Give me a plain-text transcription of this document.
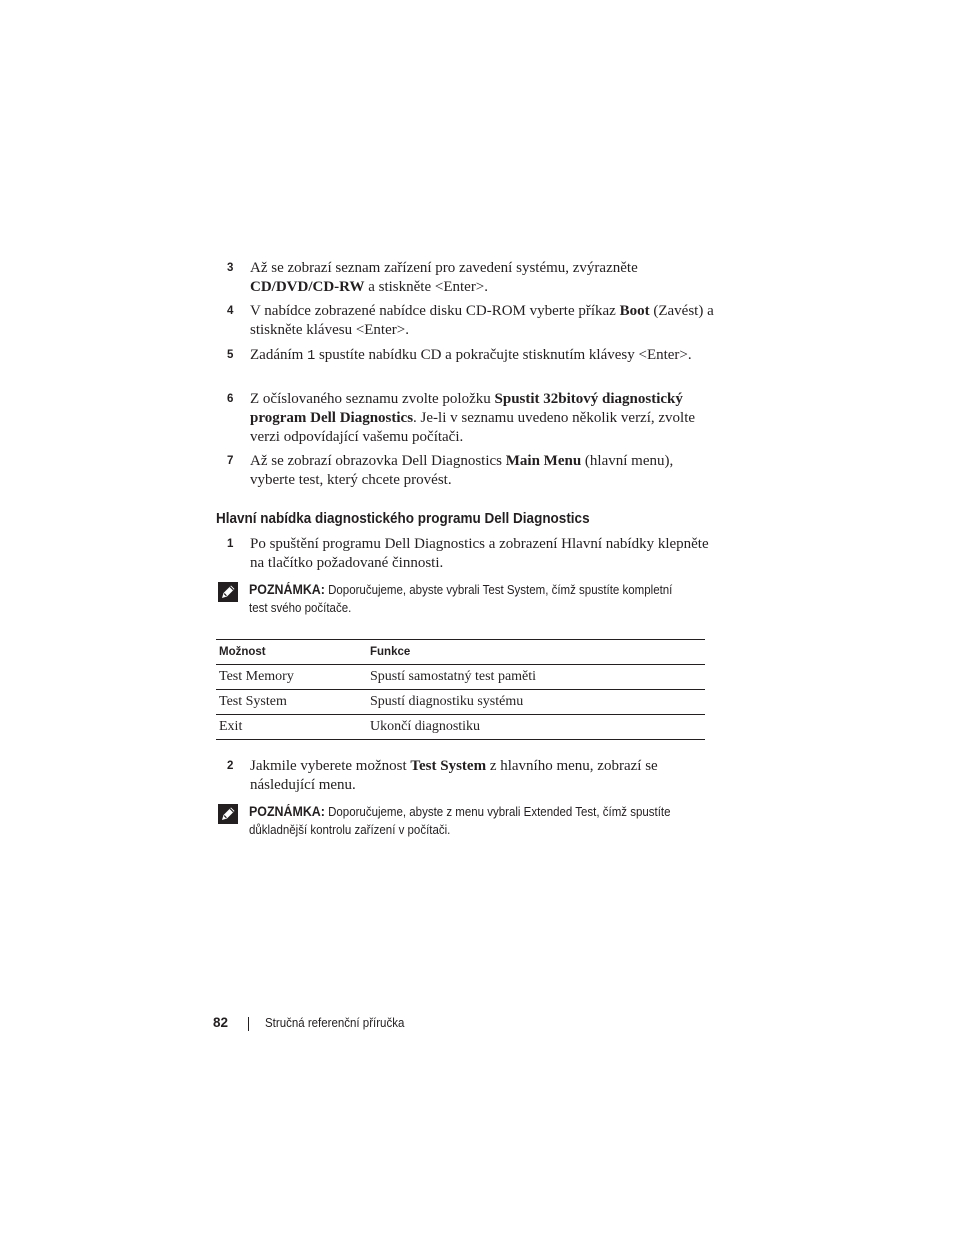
3	Až se zobrazí seznam zařízení pro zavedení systému, zvýrazněte CD/DVD/CD-RW a stiskněte <Enter>.
4	V nabídce zobrazené nabídce disku CD-ROM vyberte příkaz Boot (Zavést) a stiskněte klávesu <Enter>.
5	Zadáním 1 spustíte nabídku CD a pokračujte stisknutím klávesy <Enter>.
6	Z očíslovaného seznamu zvolte položku Spustit 32bitový diagnostický program Dell Diagnostics. Je-li v seznamu uvedeno několik verzí, zvolte verzi odpovídající vašemu počítači.
7	Až se zobrazí obrazovka Dell Diagnostics Main Menu (hlavní menu), vyberte test, který chcete provést.
Hlavní nabídka diagnostického programu Dell Diagnostics
1	Po spuštění programu Dell Diagnostics a zobrazení Hlavní nabídky klepněte na tlačítko požadované činnosti.
POZNÁMKA: Doporučujeme, abyste vybrali Test System, čímž spustíte kompletní test svého počítače.
Možnost	Funkce
Test Memory	Spustí samostatný test paměti
Test System	Spustí diagnostiku systému
Exit	Ukončí diagnostiku
2	Jakmile vyberete možnost Test System z hlavního menu, zobrazí se následující menu.
POZNÁMKA: Doporučujeme, abyste z menu vybrali Extended Test, čímž spustíte důkladnější kontrolu zařízení v počítači.
82	Stručná referenční příručka
